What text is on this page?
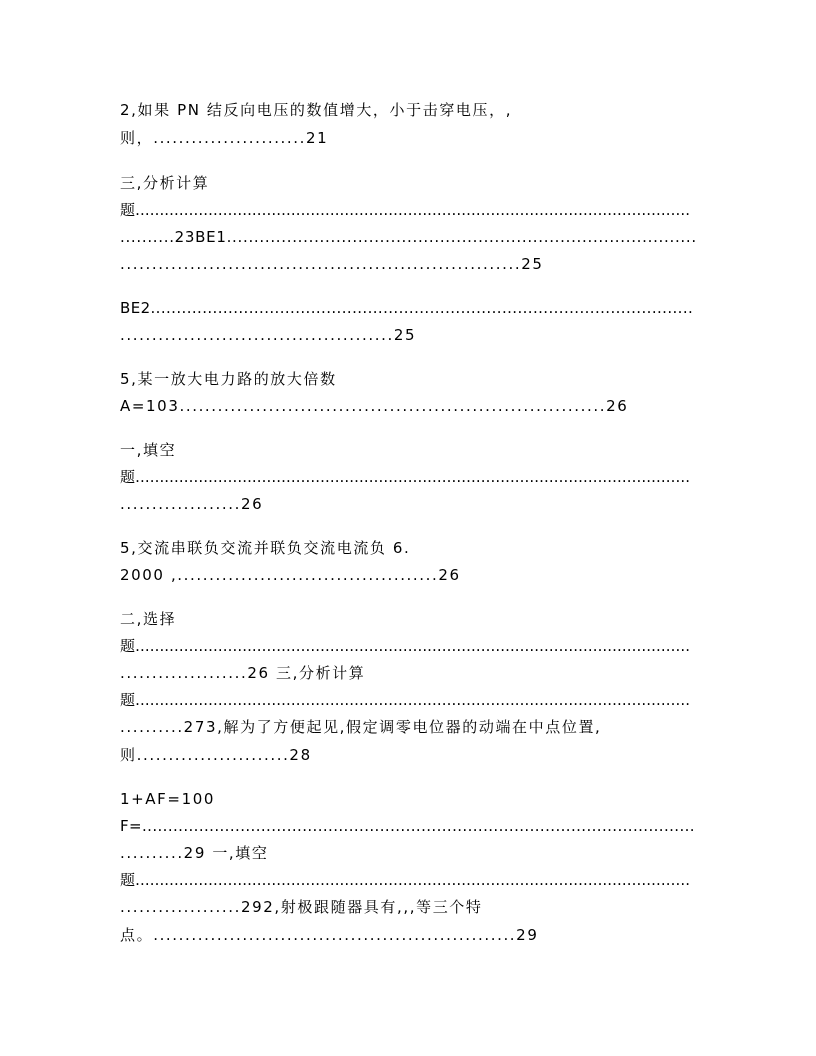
2,如果 PN 结反向电压的数值增大，小于击穿电压，,

则，........................21

三,分析计算

题..................................................................................................................

..........23BE1......................................................................................

...............................................................25

BE2.........................................................................................................

...........................................25

5,某一放大电力路的放大倍数

A=103...................................................................26

一,填空

题..................................................................................................................

...................26

5,交流串联负交流并联负交流电流负 6.

2000 ,.........................................26

二,选择

题..................................................................................................................

....................26 三,分析计算

题..................................................................................................................

..........273,解为了方便起见,假定调零电位器的动端在中点位置,

则........................28

1+AF=100

F=...........................................................................................................

..........29 一,填空

题..................................................................................................................

...................292,射极跟随器具有,,,等三个特

点。.........................................................29
